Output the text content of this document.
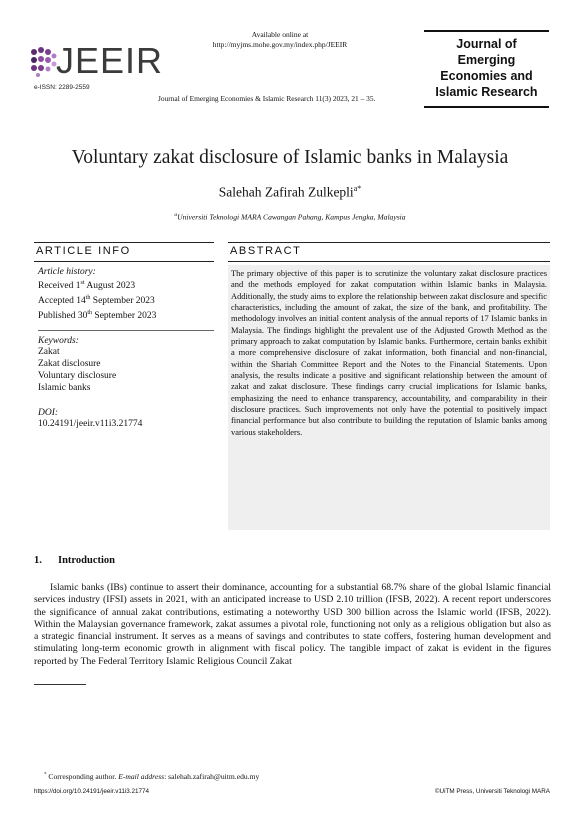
JEEIR
e-ISSN: 2289-2559
Available online at
http://myjms.mohe.gov.my/index.php/JEEIR
Journal of Emerging Economies & Islamic Research 11(3) 2023, 21 – 35.
Journal of
Emerging
Economies and
Islamic Research
Voluntary zakat disclosure of Islamic banks in Malaysia
Salehah Zafirah Zulkepli$^{a*}$
$^a$Universiti Teknologi MARA Cawangan Pahang, Kampus Jengka, Malaysia
ARTICLE INFO
Article history:
Received 1st August 2023
Accepted 14th September 2023
Published 30th September 2023
Keywords:
Zakat
Zakat disclosure
Voluntary disclosure
Islamic banks
DOI:
10.24191/jeeir.v11i3.21774
ABSTRACT

The primary objective of this paper is to scrutinize the voluntary zakat disclosure practices and the methods employed for zakat computation within Islamic banks in Malaysia. Additionally, the study aims to explore the relationship between zakat disclosure and specific characteristics, including the amount of zakat, the size of the bank, and profitability. The methodology involves an initial content analysis of the annual reports of 17 Islamic banks in Malaysia. The findings highlight the prevalent use of the Adjusted Growth Method as the primary approach to zakat computation by Islamic banks. Furthermore, certain banks exhibit a more comprehensive disclosure of zakat information, both financial and non-financial, within the Shariah Committee Report and the Notes to the Financial Statements. Upon analysis, the results indicate a positive and significant relationship between the amount of zakat and zakat disclosure. These findings carry crucial implications for Islamic banks, emphasizing the need to enhance transparency, accountability, and comparability in their disclosure practices. Such improvements not only have the potential to positively impact financial performance but also contribute to building the reputation of Islamic banks among various stakeholders.

1. Introduction
Islamic banks (IBs) continue to assert their dominance, accounting for a substantial 68.7% share of the global Islamic financial services industry (IFSI) assets in 2021, with an anticipated increase to USD 2.10 trillion (IFSB, 2022). A recent report underscores the significance of annual zakat contributions, estimating a noteworthy USD 300 billion across the Islamic world (IFSB, 2022). Within the Malaysian governance framework, zakat assumes a pivotal role, functioning not only as a religious obligation but also as a strategic financial instrument. It serves as a means of savings and contributes to state coffers, fostering human development and stimulating long-term economic growth in alignment with fiscal policy. The tangible impact of zakat is evident in the figures reported by The Federal Territory Islamic Religious Council Zakat
* Corresponding author. E-mail address: salehah.zafirah@uitm.edu.my
https://doi.org/10.24191/jeeir.v11i3.21774	©UiTM Press, Universiti Teknologi MARA
